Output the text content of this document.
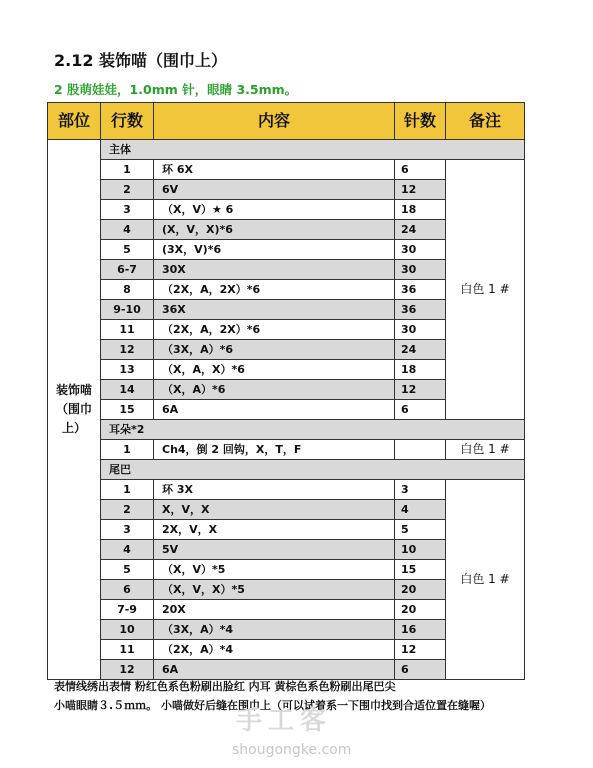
2.12 装饰喵（围巾上）
2 股萌娃娃，1.0mm 针，眼睛 3.5mm。
部位	行数	内容	针数	备注
装饰喵（围巾上）	主体			
	1	环 6X	6	白色 1 #
	2	6V	12	
	3	（X，V）★ 6	18	
	4	(X，V，X)*6	24	
	5	(3X，V)*6	30	
	6-7	30X	30	
	8	（2X，A，2X）*6	36	
	9-10	36X	36	
	11	（2X，A，2X）*6	30	
	12	（3X，A）*6	24	
	13	（X，A，X）*6	18	
	14	（X，A）*6	12	
	15	6A	6	
	耳朵*2			
	1	Ch4，倒 2 回钩，X，T，F		白色 1 #
	尾巴			
	1	环 3X	3	白色 1 #
	2	X，V，X	4	
	3	2X，V，X	5	
	4	5V	10	
	5	（X，V）*5	15	
	6	（X，V，X）*5	20	
	7-9	20X	20	
	10	（3X，A）*4	16	
	11	（2X，A）*4	12	
	12	6A	6	
表情线绣出表情 粉红色系色粉刷出脸红 内耳 黄棕色系色粉刷出尾巴尖
小喵眼睛３.５ｍｍ。 小喵做好后缝在围巾上（可以试着系一下围巾找到合适位置在缝喔）
手工客
shougongke.com
